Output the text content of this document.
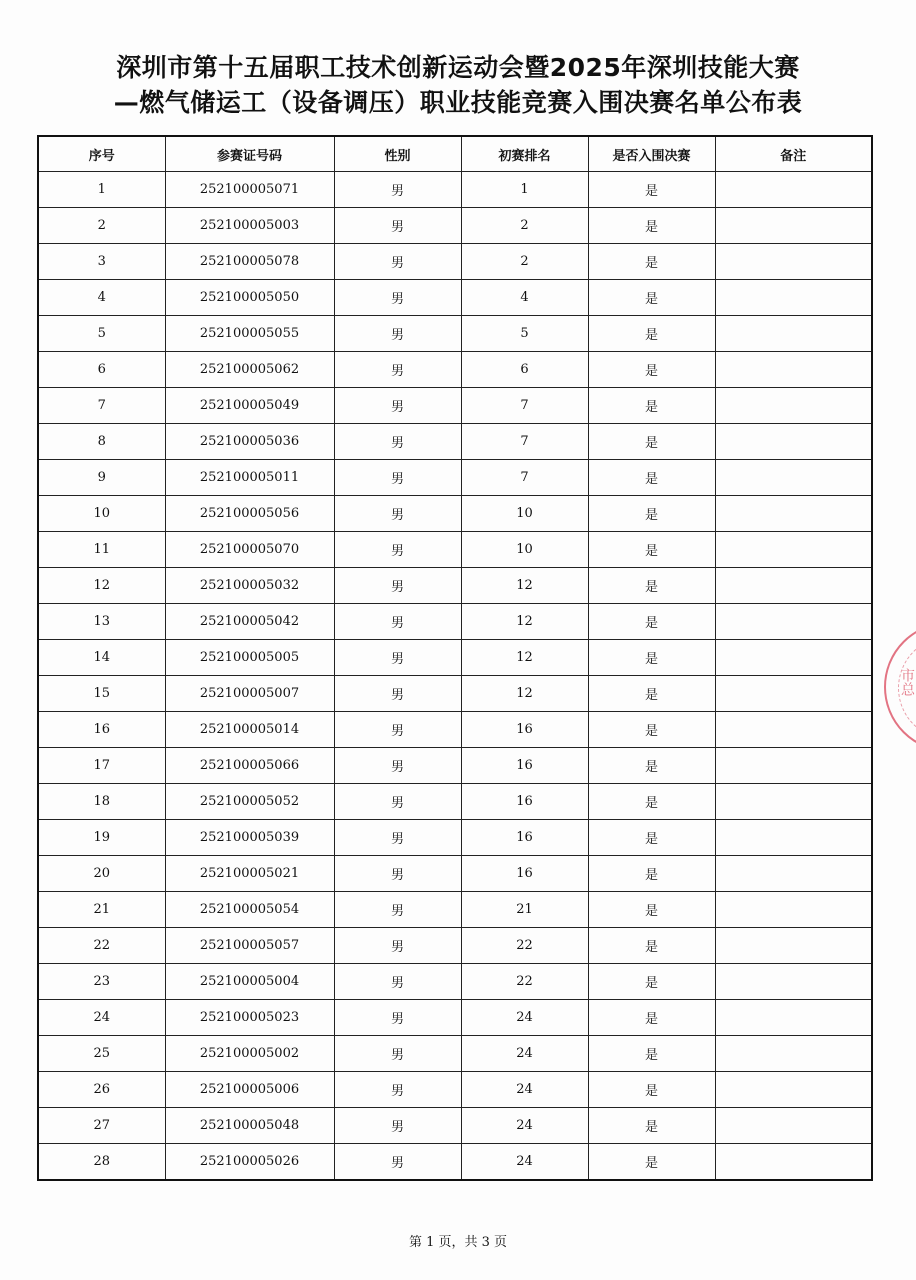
深圳市第十五届职工技术创新运动会暨2025年深圳技能大赛
—燃气储运工（设备调压）职业技能竞赛入围决赛名单公布表
序号	参赛证号码	性别	初赛排名	是否入围决赛	备注
1	252100005071	男	1	是	
2	252100005003	男	2	是	
3	252100005078	男	2	是	
4	252100005050	男	4	是	
5	252100005055	男	5	是	
6	252100005062	男	6	是	
7	252100005049	男	7	是	
8	252100005036	男	7	是	
9	252100005011	男	7	是	
10	252100005056	男	10	是	
11	252100005070	男	10	是	
12	252100005032	男	12	是	
13	252100005042	男	12	是	
14	252100005005	男	12	是	
15	252100005007	男	12	是	
16	252100005014	男	16	是	
17	252100005066	男	16	是	
18	252100005052	男	16	是	
19	252100005039	男	16	是	
20	252100005021	男	16	是	
21	252100005054	男	21	是	
22	252100005057	男	22	是	
23	252100005004	男	22	是	
24	252100005023	男	24	是	
25	252100005002	男	24	是	
26	252100005006	男	24	是	
27	252100005048	男	24	是	
28	252100005026	男	24	是	
第 1 页，共 3 页
市总
